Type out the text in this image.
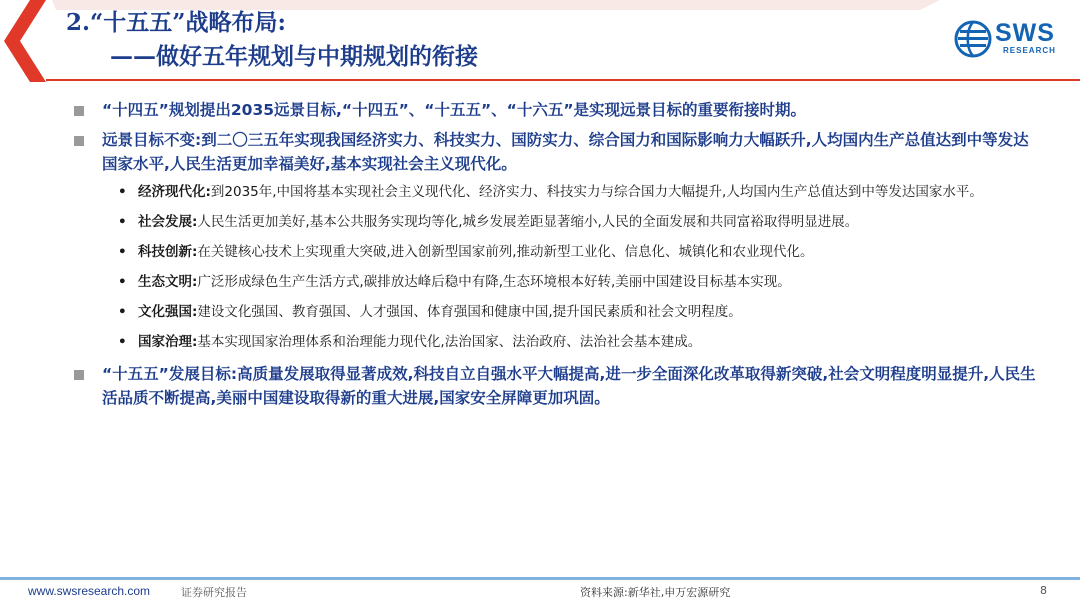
2.“十五五”战略布局:
——做好五年规划与中期规划的衔接
SWS
RESEARCH
“十四五”规划提出2035远景目标,“十四五”、“十五五”、“十六五”是实现远景目标的重要衔接时期。
远景目标不变:到二〇三五年实现我国经济实力、科技实力、国防实力、综合国力和国际影响力大幅跃升,人均国内生产总值达到中等发达国家水平,人民生活更加幸福美好,基本实现社会主义现代化。
• 经济现代化:到2035年,中国将基本实现社会主义现代化、经济实力、科技实力与综合国力大幅提升,人均国内生产总值达到中等发达国家水平。
• 社会发展:人民生活更加美好,基本公共服务实现均等化,城乡发展差距显著缩小,人民的全面发展和共同富裕取得明显进展。
• 科技创新:在关键核心技术上实现重大突破,进入创新型国家前列,推动新型工业化、信息化、城镇化和农业现代化。
• 生态文明:广泛形成绿色生产生活方式,碳排放达峰后稳中有降,生态环境根本好转,美丽中国建设目标基本实现。
• 文化强国:建设文化强国、教育强国、人才强国、体育强国和健康中国,提升国民素质和社会文明程度。
• 国家治理:基本实现国家治理体系和治理能力现代化,法治国家、法治政府、法治社会基本建成。
“十五五”发展目标:高质量发展取得显著成效,科技自立自强水平大幅提高,进一步全面深化改革取得新突破,社会文明程度明显提升,人民生活品质不断提高,美丽中国建设取得新的重大进展,国家安全屏障更加巩固。
www.swsresearch.com	证券研究报告	资料来源:新华社,申万宏源研究	8
